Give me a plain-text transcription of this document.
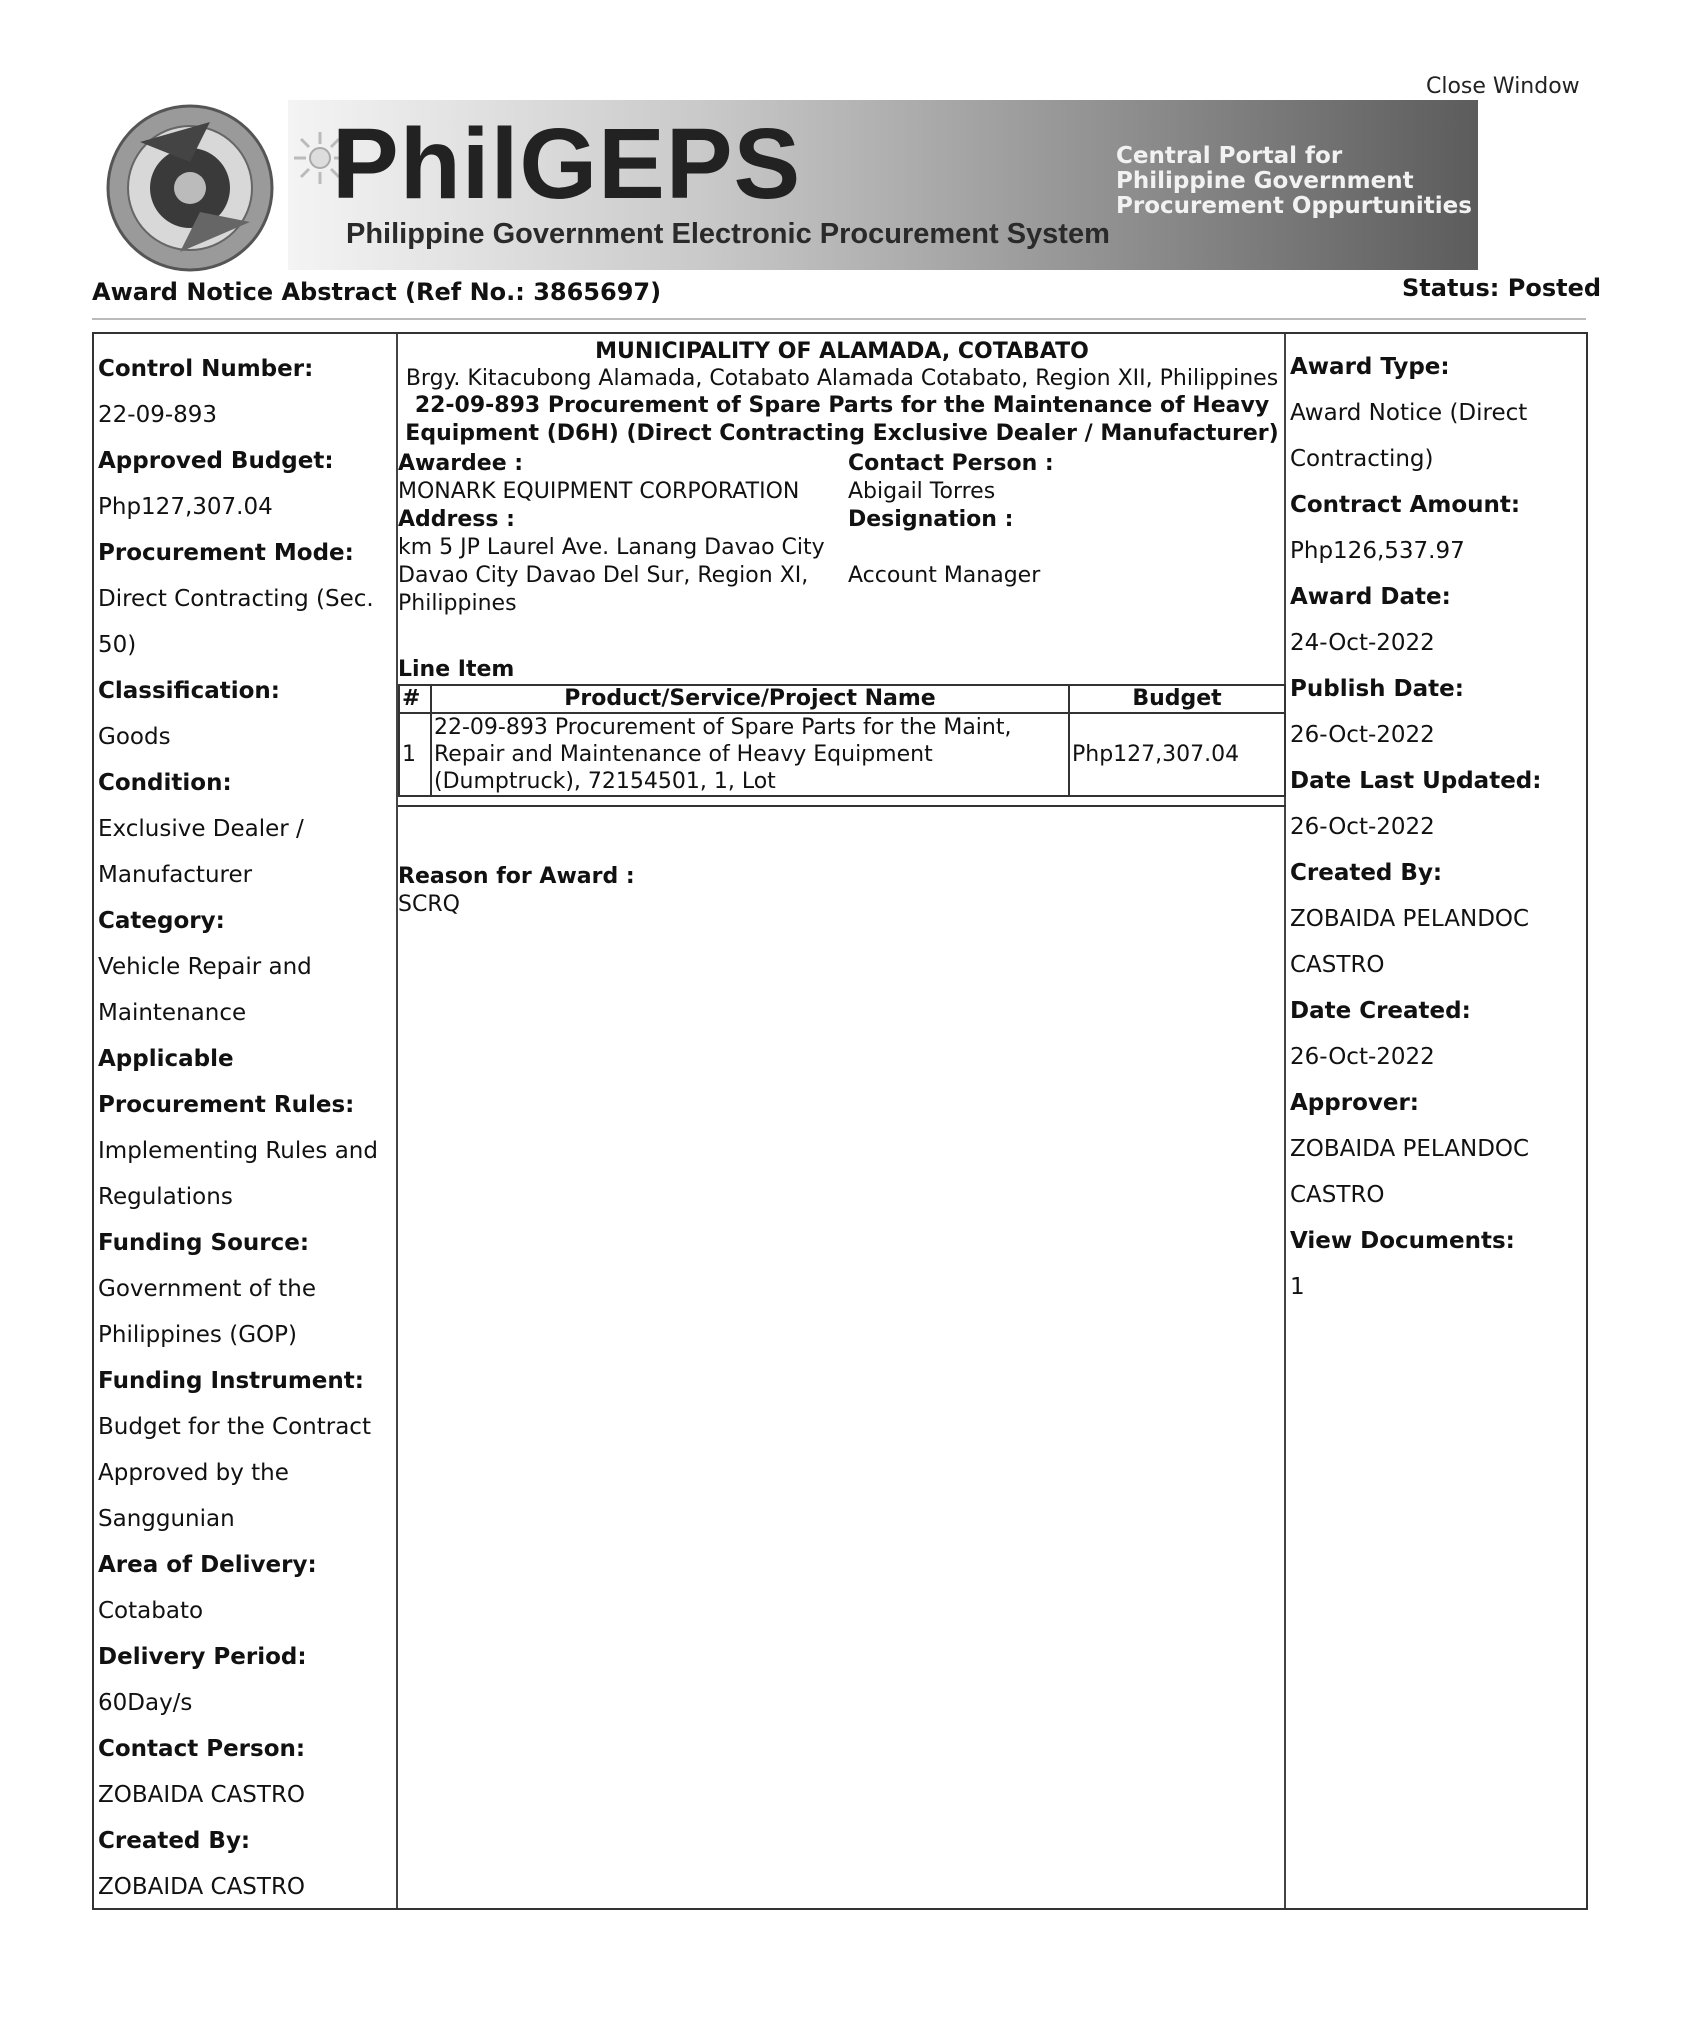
Close Window
PhilGEPS
Philippine Government Electronic Procurement System
Central Portal for
Philippine Government
Procurement Oppurtunities
Award Notice Abstract (Ref No.: 3865697)	Status: Posted
Control Number:
22-09-893
Approved Budget:
Php127,307.04
Procurement Mode:
Direct Contracting (Sec. 50)
Classification:
Goods
Condition:
Exclusive Dealer / Manufacturer
Category:
Vehicle Repair and Maintenance
Applicable Procurement Rules:
Implementing Rules and Regulations
Funding Source:
Government of the Philippines (GOP)
Funding Instrument:
Budget for the Contract Approved by the Sanggunian
Area of Delivery:
Cotabato
Delivery Period:
60Day/s
Contact Person:
ZOBAIDA CASTRO
Created By:
ZOBAIDA CASTRO
MUNICIPALITY OF ALAMADA, COTABATO
Brgy. Kitacubong Alamada, Cotabato Alamada Cotabato, Region XII, Philippines
22-09-893 Procurement of Spare Parts for the Maintenance of Heavy Equipment (D6H) (Direct Contracting Exclusive Dealer / Manufacturer)
Awardee :
MONARK EQUIPMENT CORPORATION
Address :
km 5 JP Laurel Ave. Lanang Davao City Davao City Davao Del Sur, Region XI, Philippines
Contact Person :
Abigail Torres
Designation :
Account Manager
Line Item
#	Product/Service/Project Name	Budget
1	22-09-893 Procurement of Spare Parts for the Maint, Repair and Maintenance of Heavy Equipment (Dumptruck), 72154501, 1, Lot	Php127,307.04
Reason for Award :
SCRQ
Award Type:
Award Notice (Direct Contracting)
Contract Amount:
Php126,537.97
Award Date:
24-Oct-2022
Publish Date:
26-Oct-2022
Date Last Updated:
26-Oct-2022
Created By:
ZOBAIDA PELANDOC CASTRO
Date Created:
26-Oct-2022
Approver:
ZOBAIDA PELANDOC CASTRO
View Documents:
1
